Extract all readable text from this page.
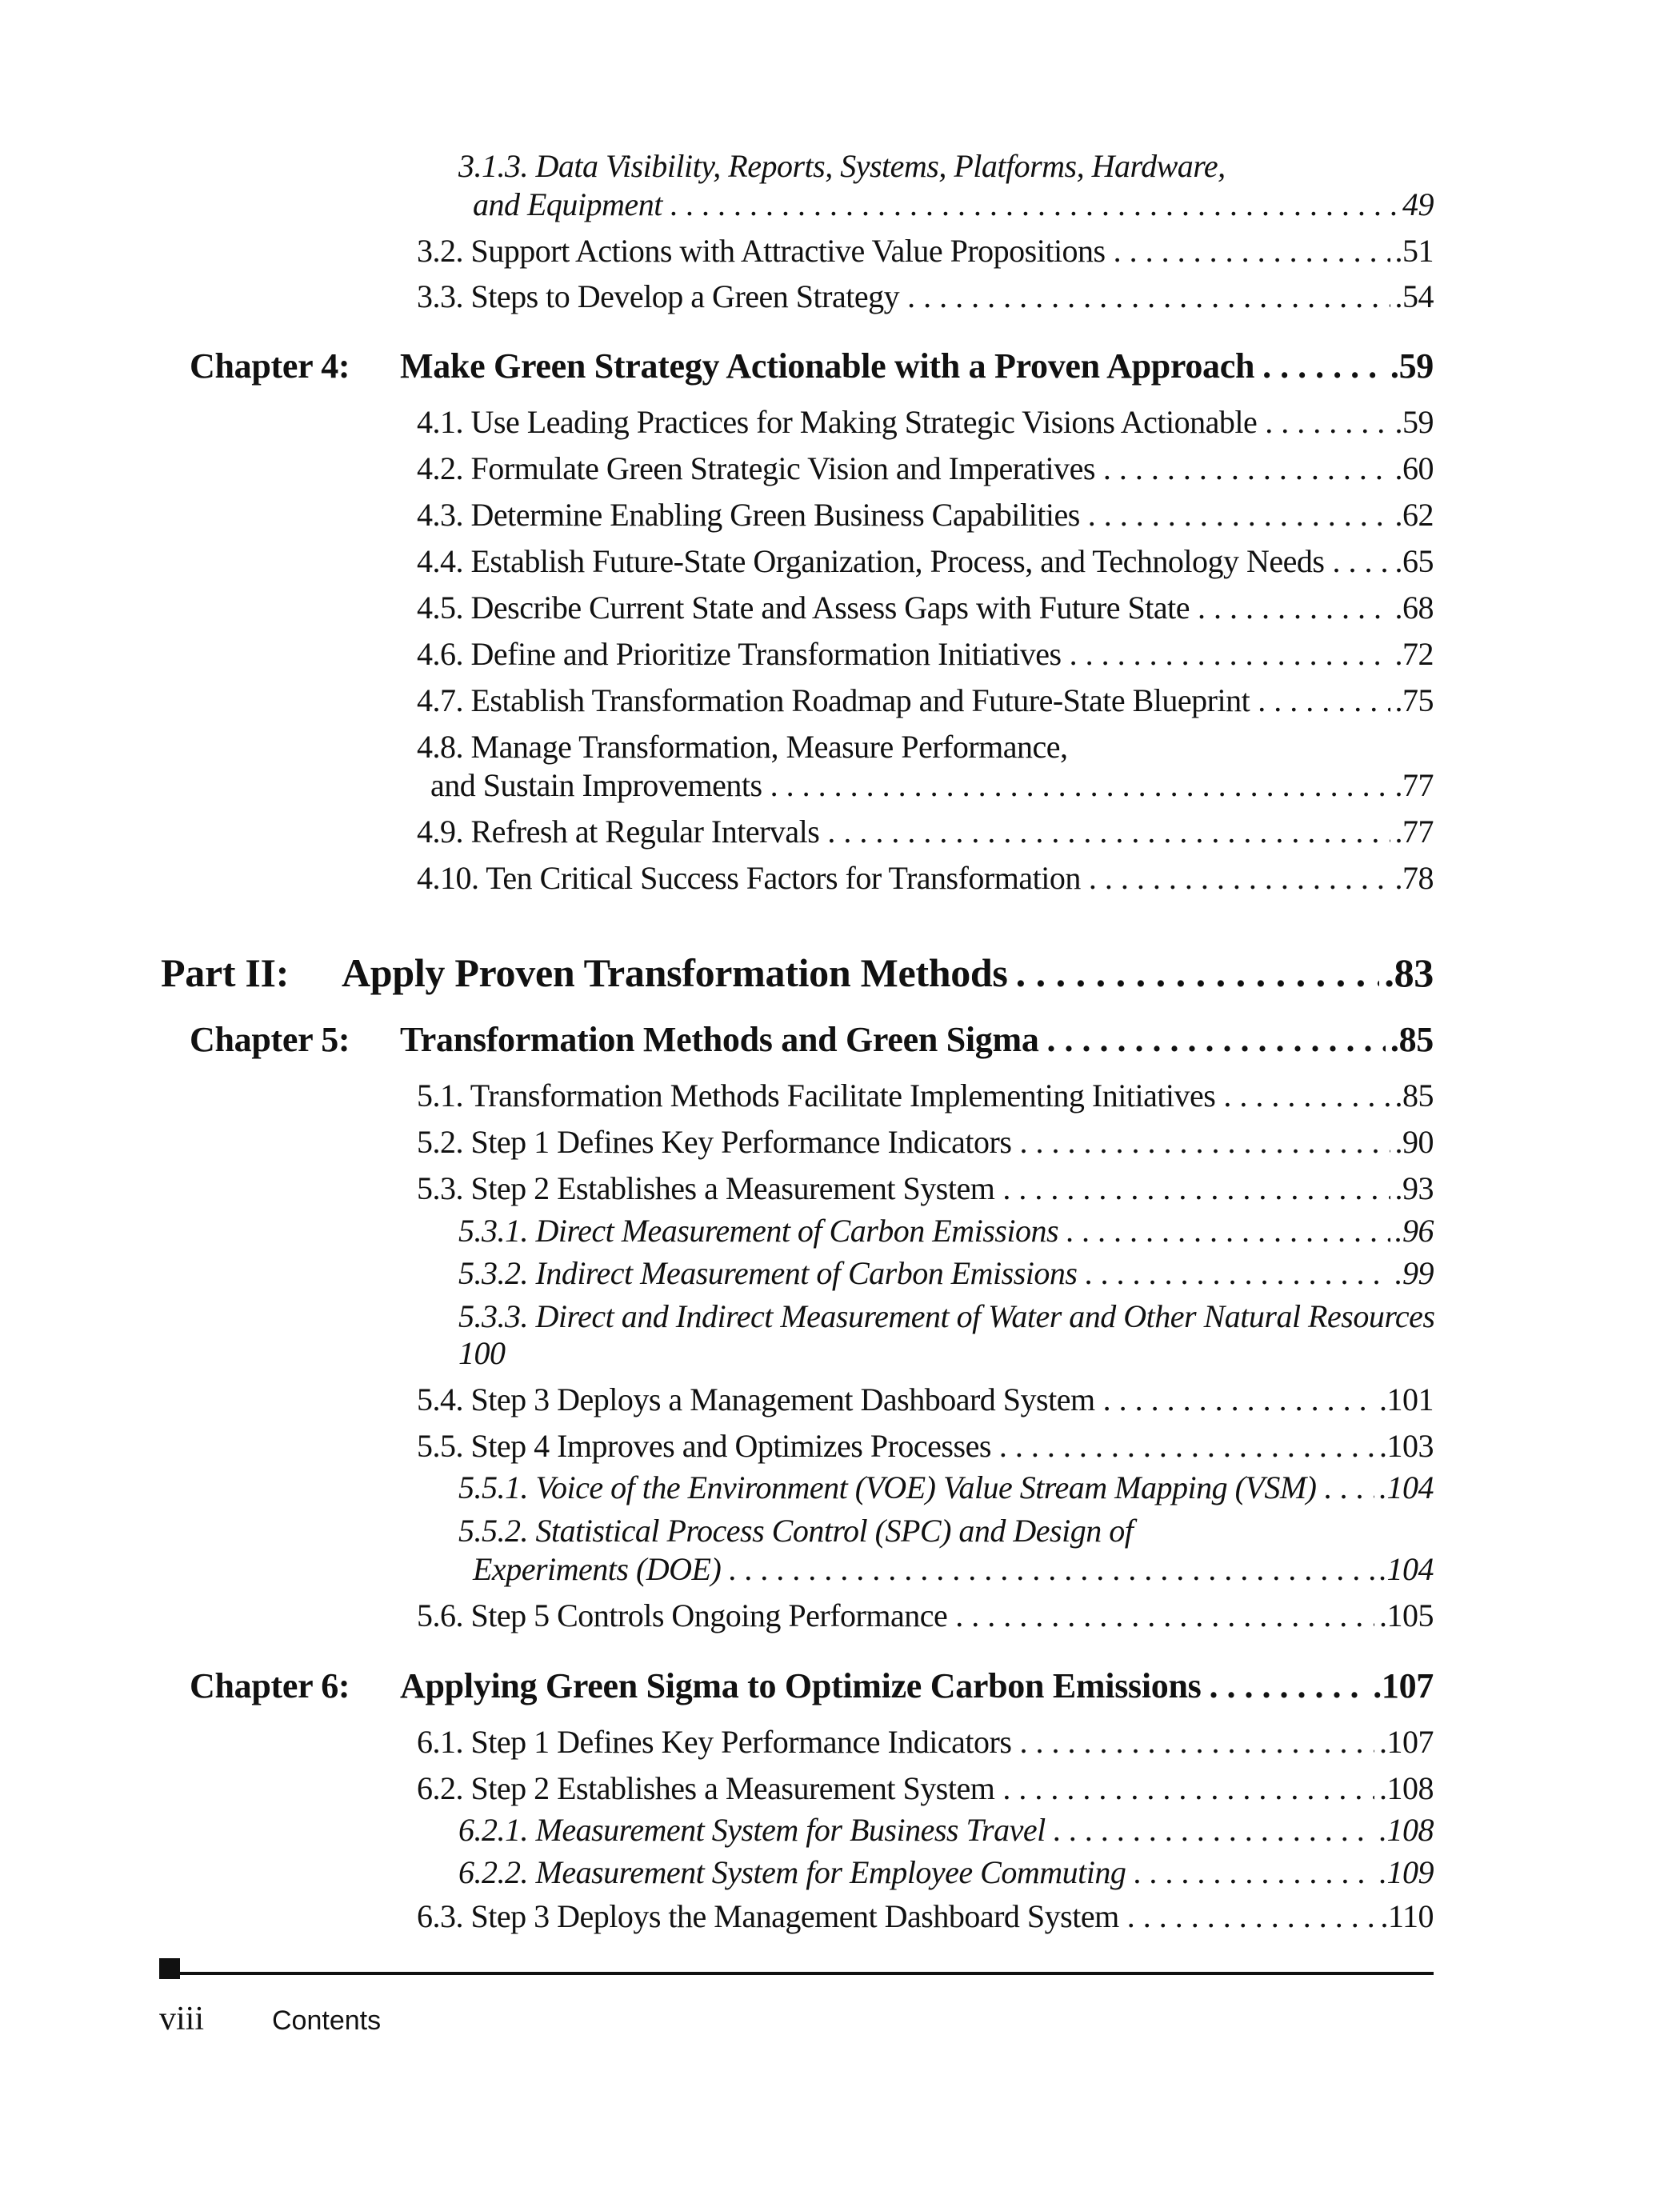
3.1.3. Data Visibility, Reports, Systems, Platforms, Hardware,
and Equipment . . .	49
3.2. Support Actions with Attractive Value Propositions . . .	.51
3.3. Steps to Develop a Green Strategy . . .	.54
Chapter 4: Make Green Strategy Actionable with a Proven Approach . . .	.59
4.1. Use Leading Practices for Making Strategic Visions Actionable . . .	.59
4.2. Formulate Green Strategic Vision and Imperatives . . .	.60
4.3. Determine Enabling Green Business Capabilities . . .	.62
4.4. Establish Future-State Organization, Process, and Technology Needs . . . .65
4.5. Describe Current State and Assess Gaps with Future State . . .	.68
4.6. Define and Prioritize Transformation Initiatives . . .	.72
4.7. Establish Transformation Roadmap and Future-State Blueprint . . .	.75
4.8. Manage Transformation, Measure Performance,
and Sustain Improvements . . .	.77
4.9. Refresh at Regular Intervals . . .	.77
4.10. Ten Critical Success Factors for Transformation . . .	.78
Part II: Apply Proven Transformation Methods . . .	.83
Chapter 5: Transformation Methods and Green Sigma . . .	.85
5.1. Transformation Methods Facilitate Implementing Initiatives . . .	.85
5.2. Step 1 Defines Key Performance Indicators . . .	.90
5.3. Step 2 Establishes a Measurement System . . .	.93
5.3.1. Direct Measurement of Carbon Emissions . . .	.96
5.3.2. Indirect Measurement of Carbon Emissions . . .	.99
5.3.3. Direct and Indirect Measurement of Water and Other Natural Resources
100
5.4. Step 3 Deploys a Management Dashboard System . . .	.101
5.5. Step 4 Improves and Optimizes Processes . . .	.103
5.5.1. Voice of the Environment (VOE) Value Stream Mapping (VSM) . . . .104
5.5.2. Statistical Process Control (SPC) and Design of
Experiments (DOE) . . .	.104
5.6. Step 5 Controls Ongoing Performance . . .	.105
Chapter 6: Applying Green Sigma to Optimize Carbon Emissions . . .	.107
6.1. Step 1 Defines Key Performance Indicators . . .	.107
6.2. Step 2 Establishes a Measurement System . . .	.108
6.2.1. Measurement System for Business Travel . . .	.108
6.2.2. Measurement System for Employee Commuting . . .	.109
6.3. Step 3 Deploys the Management Dashboard System . . .	.110
viii Contents
